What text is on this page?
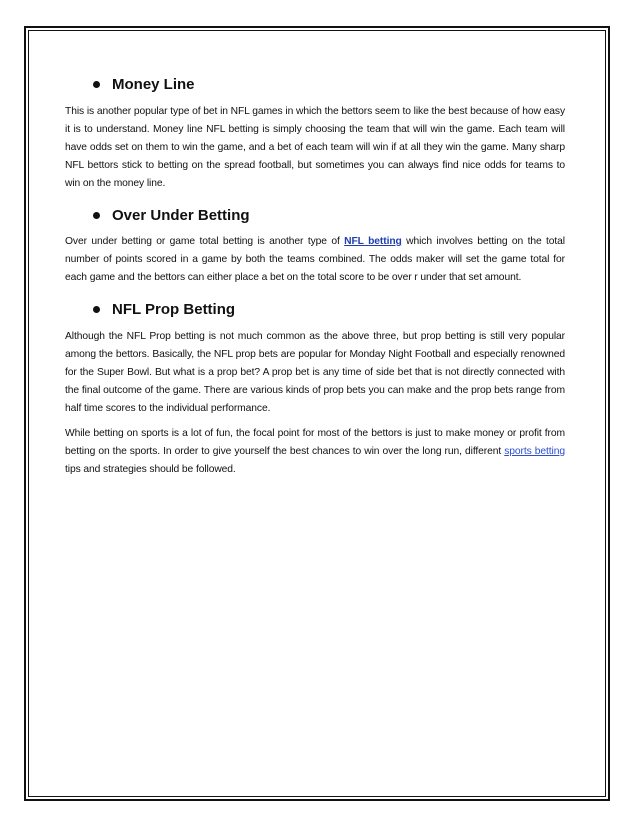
Money Line

This is another popular type of bet in NFL games in which the bettors seem to like the best because of how easy it is to understand. Money line NFL betting is simply choosing the team that will win the game. Each team will have odds set on them to win the game, and a bet of each team will win if at all they win the game. Many sharp NFL bettors stick to betting on the spread football, but sometimes you can always find nice odds for teams to win on the money line.

Over Under Betting

Over under betting or game total betting is another type of NFL betting which involves betting on the total number of points scored in a game by both the teams combined. The odds maker will set the game total for each game and the bettors can either place a bet on the total score to be over r under that set amount.

NFL Prop Betting

Although the NFL Prop betting is not much common as the above three, but prop betting is still very popular among the bettors. Basically, the NFL prop bets are popular for Monday Night Football and especially renowned for the Super Bowl. But what is a prop bet? A prop bet is any time of side bet that is not directly connected with the final outcome of the game. There are various kinds of prop bets you can make and the prop bets range from half time scores to the individual performance.

While betting on sports is a lot of fun, the focal point for most of the bettors is just to make money or profit from betting on the sports. In order to give yourself the best chances to win over the long run, different sports betting tips and strategies should be followed.
